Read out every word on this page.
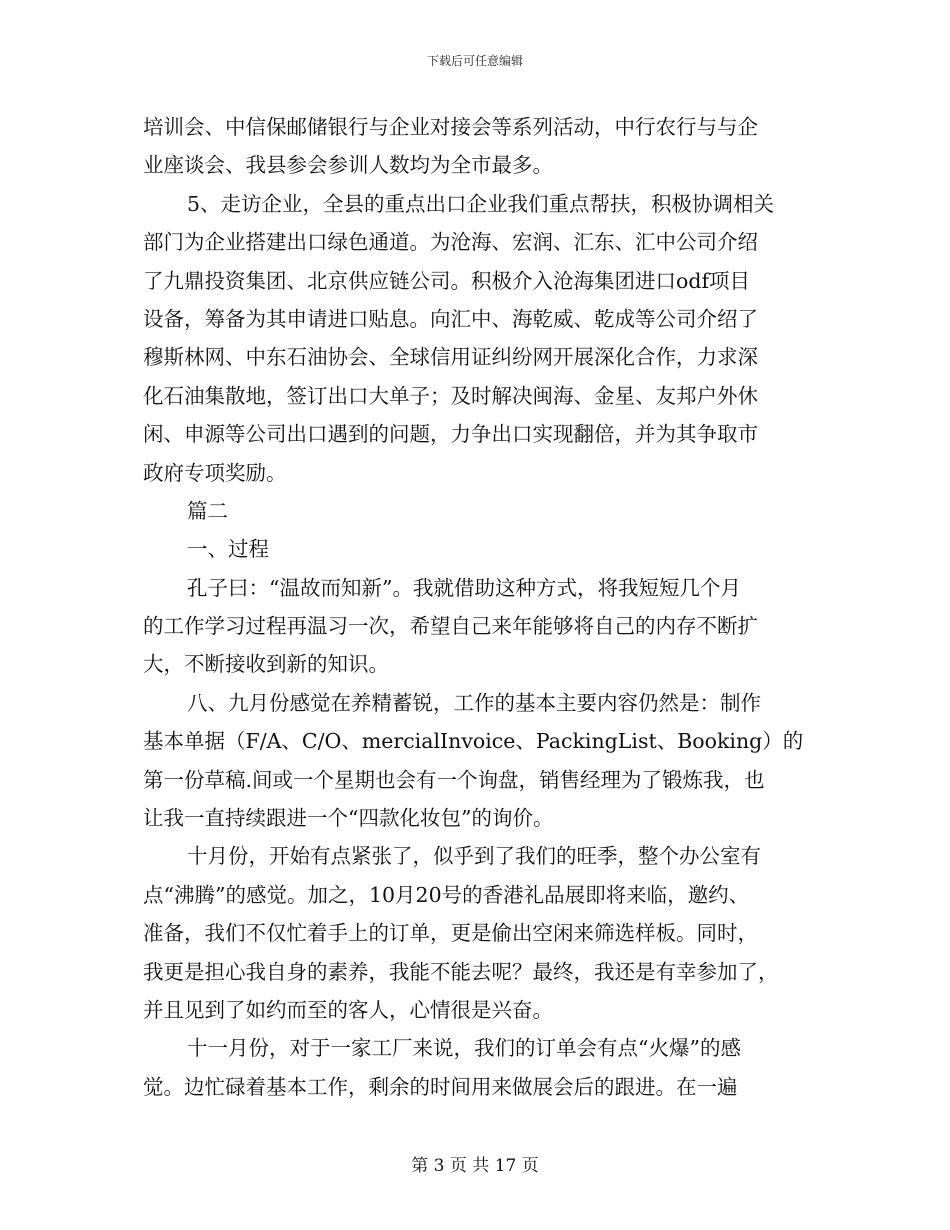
下载后可任意编辑
培训会、中信保邮储银行与企业对接会等系列活动，中行农行与与企
业座谈会、我县参会参训人数均为全市最多。
5、走访企业，全县的重点出口企业我们重点帮扶，积极协调相关
部门为企业搭建出口绿色通道。为沧海、宏润、汇东、汇中公司介绍
了九鼎投资集团、北京供应链公司。积极介入沧海集团进口odf项目
设备，筹备为其申请进口贴息。向汇中、海乾威、乾成等公司介绍了
穆斯林网、中东石油协会、全球信用证纠纷网开展深化合作，力求深
化石油集散地，签订出口大单子；及时解决闽海、金星、友邦户外休
闲、申源等公司出口遇到的问题，力争出口实现翻倍，并为其争取市
政府专项奖励。
篇二
一、过程
孔子曰：“温故而知新”。我就借助这种方式，将我短短几个月
的工作学习过程再温习一次，希望自己来年能够将自己的内存不断扩
大，不断接收到新的知识。
八、九月份感觉在养精蓄锐，工作的基本主要内容仍然是：制作
基本单据（F/A、C/O、mercialInvoice、PackingList、Booking）的
第一份草稿.间或一个星期也会有一个询盘，销售经理为了锻炼我，也
让我一直持续跟进一个“四款化妆包”的询价。
十月份，开始有点紧张了，似乎到了我们的旺季，整个办公室有
点“沸腾”的感觉。加之，10月20号的香港礼品展即将来临，邀约、
准备，我们不仅忙着手上的订单，更是偷出空闲来筛选样板。同时，
我更是担心我自身的素养，我能不能去呢？最终，我还是有幸参加了，
并且见到了如约而至的客人，心情很是兴奋。
十一月份，对于一家工厂来说，我们的订单会有点“火爆”的感
觉。边忙碌着基本工作，剩余的时间用来做展会后的跟进。在一遍
第 3 页 共 17 页
